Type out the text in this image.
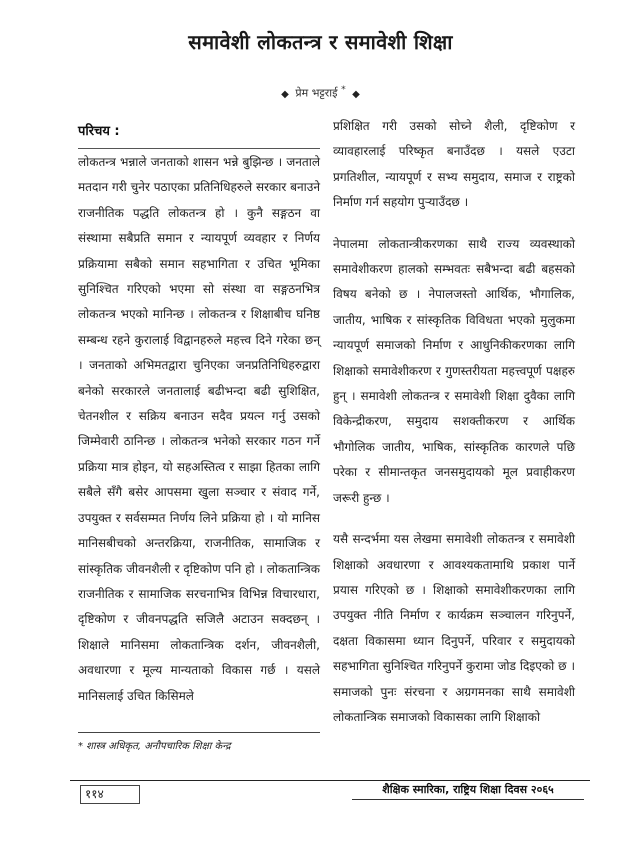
समावेशी लोकतन्त्र र समावेशी शिक्षा
◆ प्रेम भट्टराई * ◆
परिचय :

लोकतन्त्र भन्नाले जनताको शासन भन्ने बुझिन्छ । जनताले मतदान गरी चुनेर पठाएका प्रतिनिधिहरुले सरकार बनाउने राजनीतिक पद्धति लोकतन्त्र हो । कुनै सङ्गठन वा संस्थामा सबैप्रति समान र न्यायपूर्ण व्यवहार र निर्णय प्रक्रियामा सबैको समान सहभागिता र उचित भूमिका सुनिश्चित गरिएको भएमा सो संस्था वा सङ्गठनभित्र लोकतन्त्र भएको मानिन्छ । लोकतन्त्र र शिक्षाबीच घनिष्ठ सम्बन्ध रहने कुरालाई विद्वानहरुले महत्त्व दिने गरेका छन् । जनताको अभिमतद्वारा चुनिएका जनप्रतिनिधिहरुद्वारा बनेको सरकारले जनतालाई बढीभन्दा बढी सुशिक्षित, चेतनशील र सक्रिय बनाउन सदैव प्रयत्न गर्नु उसको जिम्मेवारी ठानिन्छ । लोकतन्त्र भनेको सरकार गठन गर्ने प्रक्रिया मात्र होइन, यो सहअस्तित्व र साझा हितका लागि सबैले सँगै बसेर आपसमा खुला सञ्चार र संवाद गर्ने, उपयुक्त र सर्वसम्मत निर्णय लिने प्रक्रिया हो । यो मानिस मानिसबीचको अन्तरक्रिया, राजनीतिक, सामाजिक र सांस्कृतिक जीवनशैली र दृष्टिकोण पनि हो । लोकतान्त्रिक राजनीतिक र सामाजिक सरचनाभित्र विभिन्न विचारधारा, दृष्टिकोण र जीवनपद्धति सजिलै अटाउन सक्दछन् । शिक्षाले मानिसमा लोकतान्त्रिक दर्शन, जीवनशैली, अवधारणा र मूल्य मान्यताको विकास गर्छ । यसले मानिसलाई उचित किसिमले

प्रशिक्षित गरी उसको सोच्ने शैली, दृष्टिकोण र व्यावहारलाई परिष्कृत बनाउँदछ । यसले एउटा प्रगतिशील, न्यायपूर्ण र सभ्य समुदाय, समाज र राष्ट्रको निर्माण गर्न सहयोग पुऱ्याउँदछ ।

नेपालमा लोकतान्त्रीकरणका साथै राज्य व्यवस्थाको समावेशीकरण हालको सम्भवतः सबैभन्दा बढी बहसको विषय बनेको छ । नेपालजस्तो आर्थिक, भौगालिक, जातीय, भाषिक र सांस्कृतिक विविधता भएको मुलुकमा न्यायपूर्ण समाजको निर्माण र आधुनिकीकरणका लागि शिक्षाको समावेशीकरण र गुणस्तरीयता महत्त्वपूर्ण पक्षहरु हुन् । समावेशी लोकतन्त्र र समावेशी शिक्षा दुवैका लागि विकेन्द्रीकरण, समुदाय सशक्तीकरण र आर्थिक भौगोलिक जातीय, भाषिक, सांस्कृतिक कारणले पछि परेका र सीमान्तकृत जनसमुदायको मूल प्रवाहीकरण जरूरी हुन्छ ।

यसै सन्दर्भमा यस लेखमा समावेशी लोकतन्त्र र समावेशी शिक्षाको अवधारणा र आवश्यकतामाथि प्रकाश पार्ने प्रयास गरिएको छ । शिक्षाको समावेशीकरणका लागि उपयुक्त नीति निर्माण र कार्यक्रम सञ्चालन गरिनुपर्ने, दक्षता विकासमा ध्यान दिनुपर्ने, परिवार र समुदायको सहभागिता सुनिश्चित गरिनुपर्ने कुरामा जोड दिइएको छ । समाजको पुनः संरचना र अग्रगमनका साथै समावेशी लोकतान्त्रिक समाजको विकासका लागि शिक्षाको

* शास्त्र अधिकृत, अनौपचारिक शिक्षा केन्द्र
११४	शैक्षिक स्मारिका, राष्ट्रिय शिक्षा दिवस २०६५
